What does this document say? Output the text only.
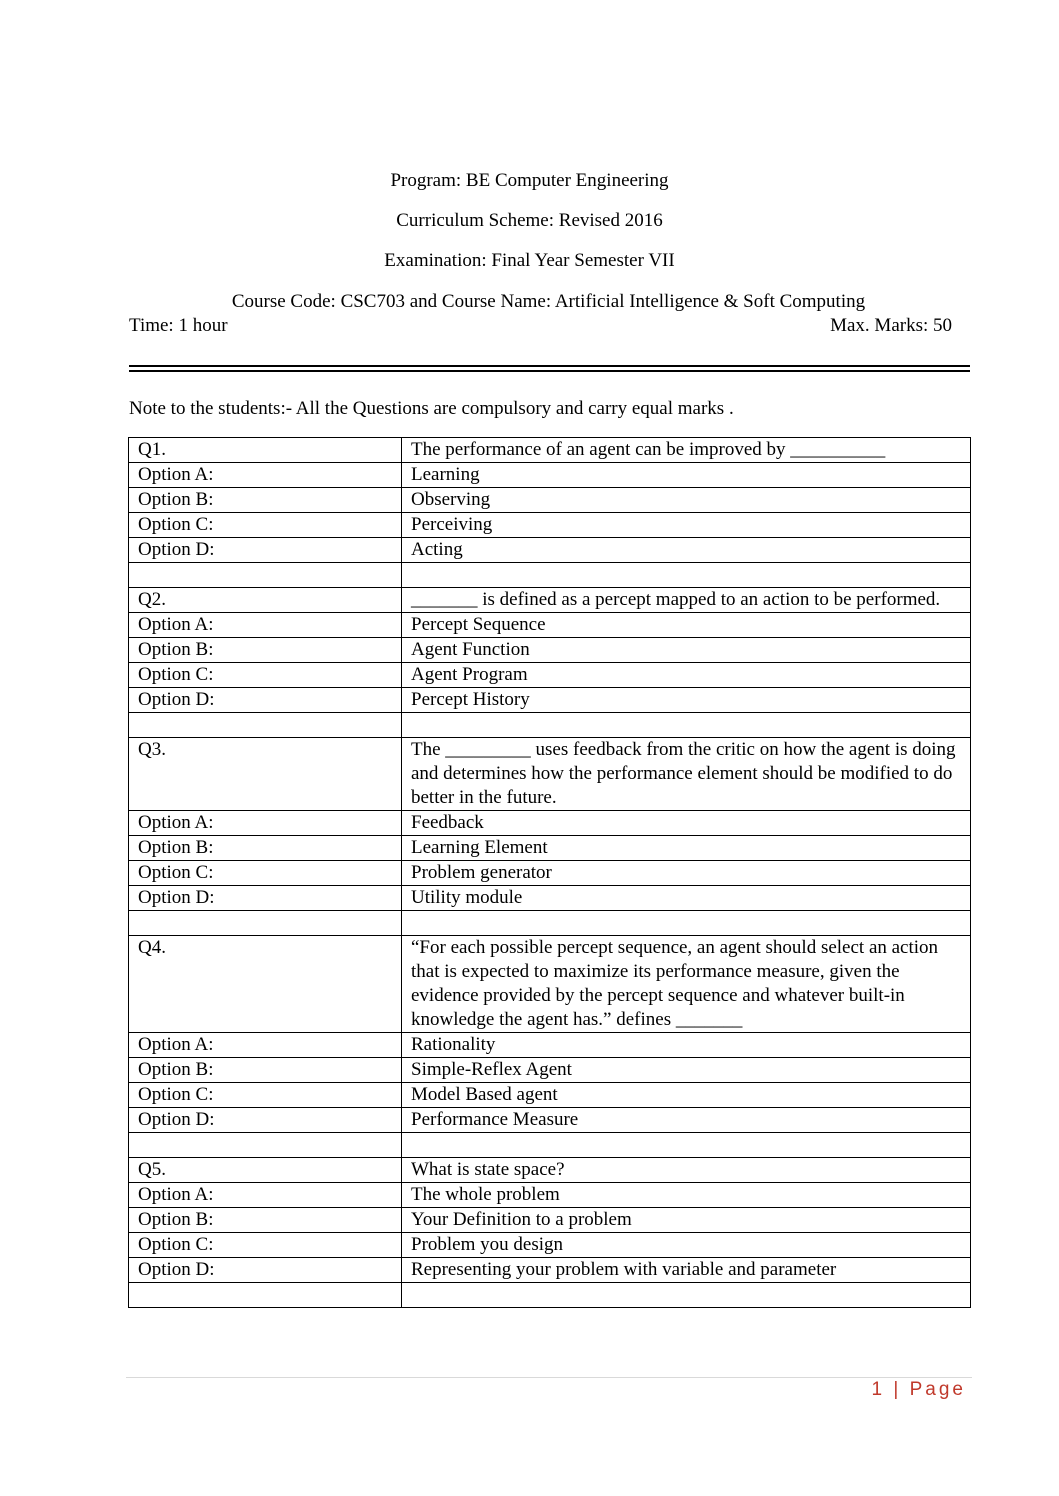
Program: BE Computer Engineering
Curriculum Scheme: Revised 2016
Examination: Final Year Semester VII
Course Code: CSC703 and Course Name: Artificial Intelligence & Soft Computing
Time: 1 hour	Max. Marks: 50
Note to the students:- All the Questions are compulsory and carry equal marks .
Q1.	The performance of an agent can be improved by __________
Option A:	Learning
Option B:	Observing
Option C:	Perceiving
Option D:	Acting

Q2.	_______ is defined as a percept mapped to an action to be performed.
Option A:	Percept Sequence
Option B:	Agent Function
Option C:	Agent Program
Option D:	Percept History

Q3.	The _________ uses feedback from the critic on how the agent is doing and determines how the performance element should be modified to do better in the future.
Option A:	Feedback
Option B:	Learning Element
Option C:	Problem generator
Option D:	Utility module

Q4.	“For each possible percept sequence, an agent should select an action that is expected to maximize its performance measure, given the evidence provided by the percept sequence and whatever built-in knowledge the agent has.” defines _______
Option A:	Rationality
Option B:	Simple-Reflex Agent
Option C:	Model Based agent
Option D:	Performance Measure

Q5.	What is state space?
Option A:	The whole problem
Option B:	Your Definition to a problem
Option C:	Problem you design
Option D:	Representing your problem with variable and parameter

1 | Page
